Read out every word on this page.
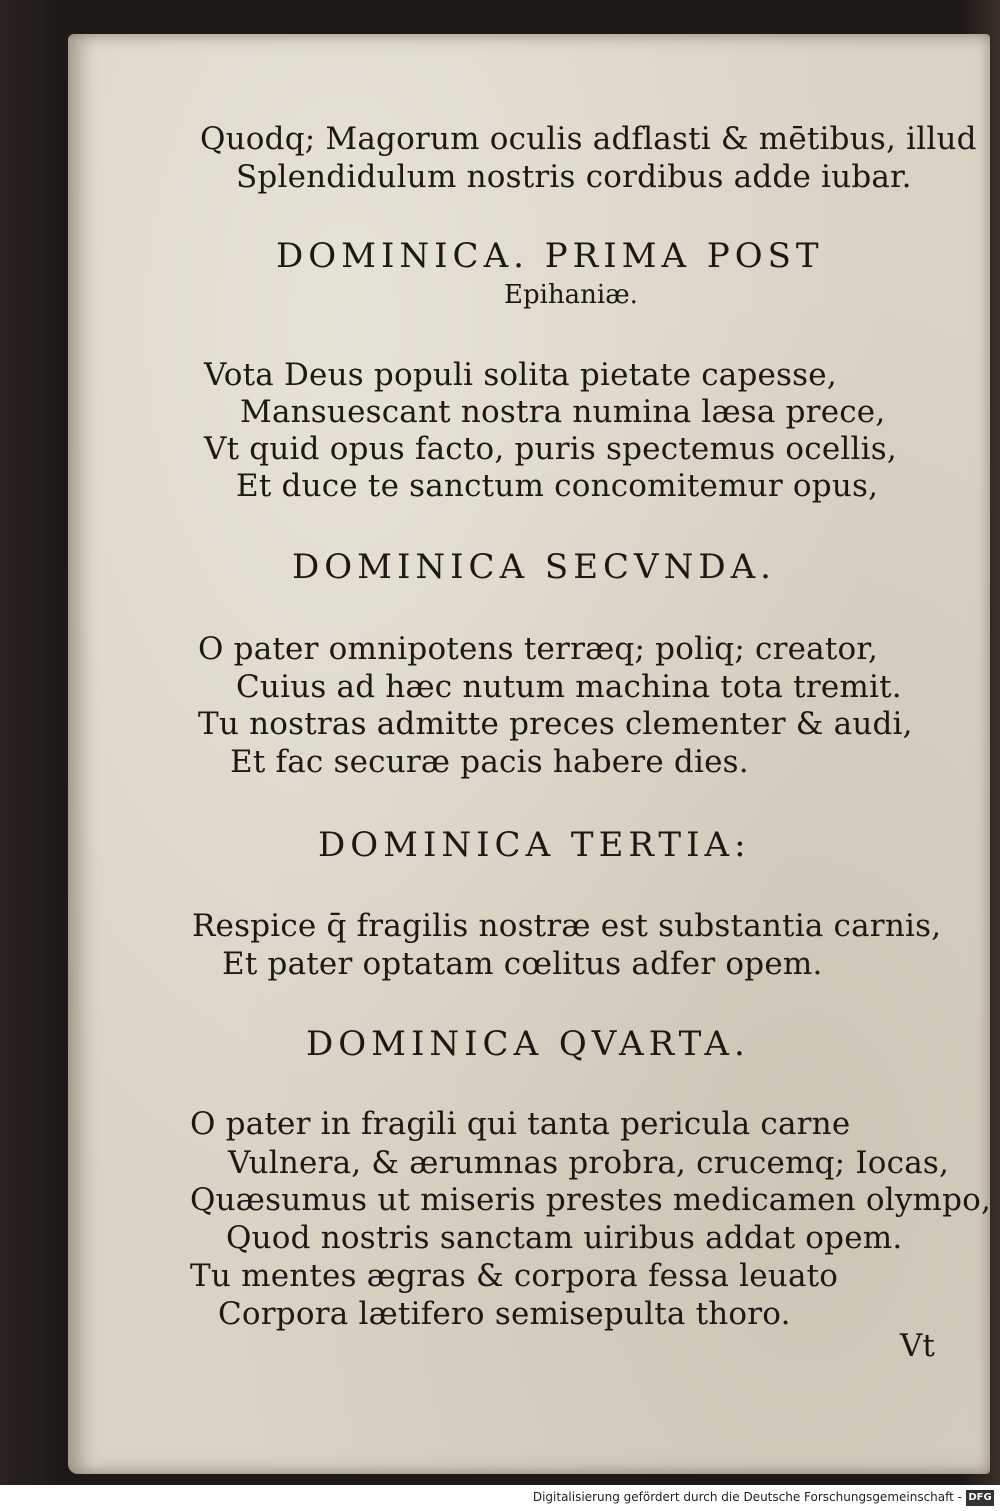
Quodq; Magorum oculis adflasti & mētibus, illud
Splendidulum nostris cordibus adde iubar.
DOMINICA. PRIMA POST
Epihaniæ.
Vota Deus populi solita pietate capesse,
Mansuescant nostra numina læsa prece,
Vt quid opus facto, puris spectemus ocellis,
Et duce te sanctum concomitemur opus,
DOMINICA SECVNDA.
O pater omnipotens terræq; poliq; creator,
Cuius ad hæc nutum machina tota tremit.
Tu nostras admitte preces clementer & audi,
Et fac securæ pacis habere dies.
DOMINICA TERTIA:
Respice q̄ fragilis nostræ est substantia carnis,
Et pater optatam cœlitus adfer opem.
DOMINICA QVARTA.
O pater in fragili qui tanta pericula carne
Vulnera, & ærumnas probra, crucemq; Iocas,
Quæsumus ut miseris prestes medicamen olympo,
Quod nostris sanctam uiribus addat opem.
Tu mentes ægras & corpora fessa leuato
Corpora lætifero semisepulta thoro.
Vt
Digitalisierung gefördert durch die Deutsche Forschungsgemeinschaft - DFG
